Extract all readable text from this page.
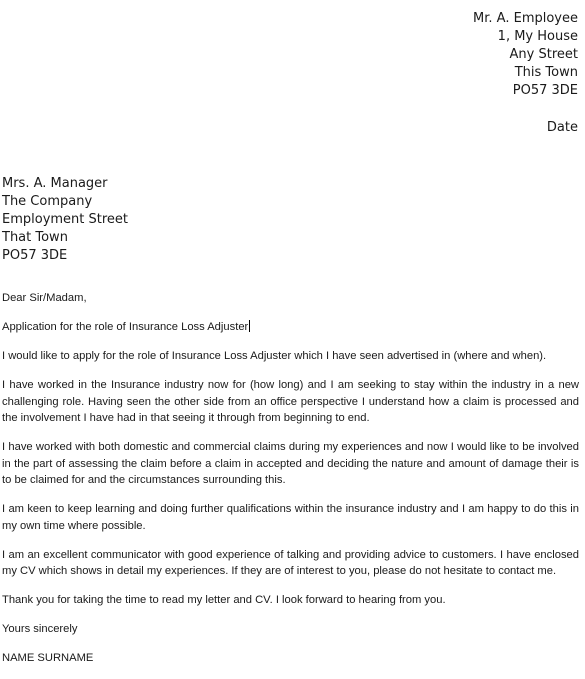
Mr. A. Employee
1, My House
Any Street
This Town
PO57 3DE
Date
Mrs. A. Manager
The Company
Employment Street
That Town
PO57 3DE

Dear Sir/Madam,

Application for the role of Insurance Loss Adjuster

I would like to apply for the role of Insurance Loss Adjuster which I have seen advertised in (where and when).

I have worked in the Insurance industry now for (how long) and I am seeking to stay within the industry in a new challenging role. Having seen the other side from an office perspective I understand how a claim is processed and the involvement I have had in that seeing it through from beginning to end.

I have worked with both domestic and commercial claims during my experiences and now I would like to be involved in the part of assessing the claim before a claim in accepted and deciding the nature and amount of damage their is to be claimed for and the circumstances surrounding this.

I am keen to keep learning and doing further qualifications within the insurance industry and I am happy to do this in my own time where possible.

I am an excellent communicator with good experience of talking and providing advice to customers. I have enclosed my CV which shows in detail my experiences. If they are of interest to you, please do not hesitate to contact me.

Thank you for taking the time to read my letter and CV. I look forward to hearing from you.

Yours sincerely

NAME SURNAME
